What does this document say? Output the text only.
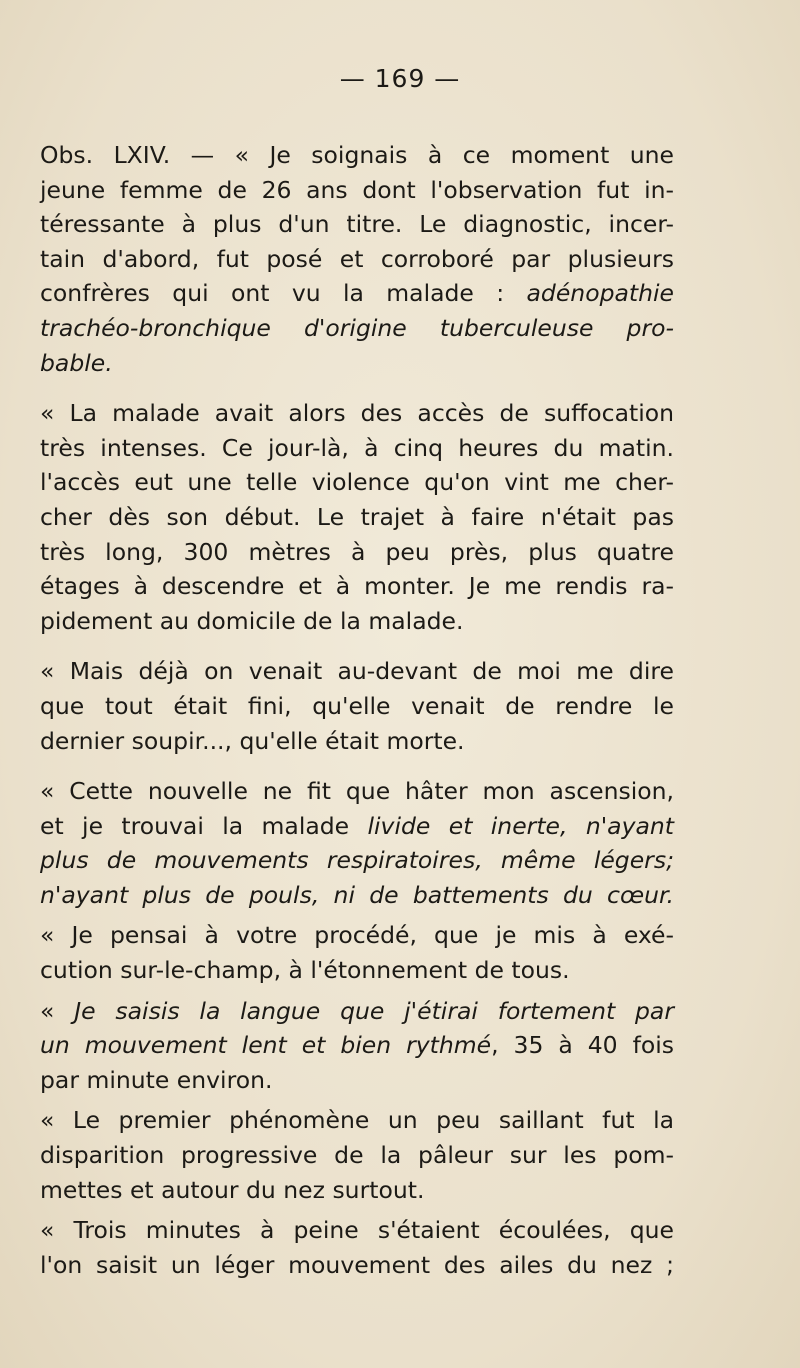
— 169 —
Obs. LXIV. — « Je soignais à ce moment une
jeune femme de 26 ans dont l'observation fut in-
téressante à plus d'un titre. Le diagnostic, incer-
tain d'abord, fut posé et corroboré par plusieurs
confrères qui ont vu la malade : adénopathie
trachéo-bronchique d'origine tuberculeuse pro-
bable.
« La malade avait alors des accès de suffocation
très intenses. Ce jour-là, à cinq heures du matin.
l'accès eut une telle violence qu'on vint me cher-
cher dès son début. Le trajet à faire n'était pas
très long, 300 mètres à peu près, plus quatre
étages à descendre et à monter. Je me rendis ra-
pidement au domicile de la malade.
« Mais déjà on venait au-devant de moi me dire
que tout était fini, qu'elle venait de rendre le
dernier soupir..., qu'elle était morte.
« Cette nouvelle ne fit que hâter mon ascension,
et je trouvai la malade livide et inerte, n'ayant
plus de mouvements respiratoires, même légers;
n'ayant plus de pouls, ni de battements du cœur.
« Je pensai à votre procédé, que je mis à exé-
cution sur-le-champ, à l'étonnement de tous.
« Je saisis la langue que j'étirai fortement par
un mouvement lent et bien rythmé, 35 à 40 fois
par minute environ.
« Le premier phénomène un peu saillant fut la
disparition progressive de la pâleur sur les pom-
mettes et autour du nez surtout.
« Trois minutes à peine s'étaient écoulées, que
l'on saisit un léger mouvement des ailes du nez ;
